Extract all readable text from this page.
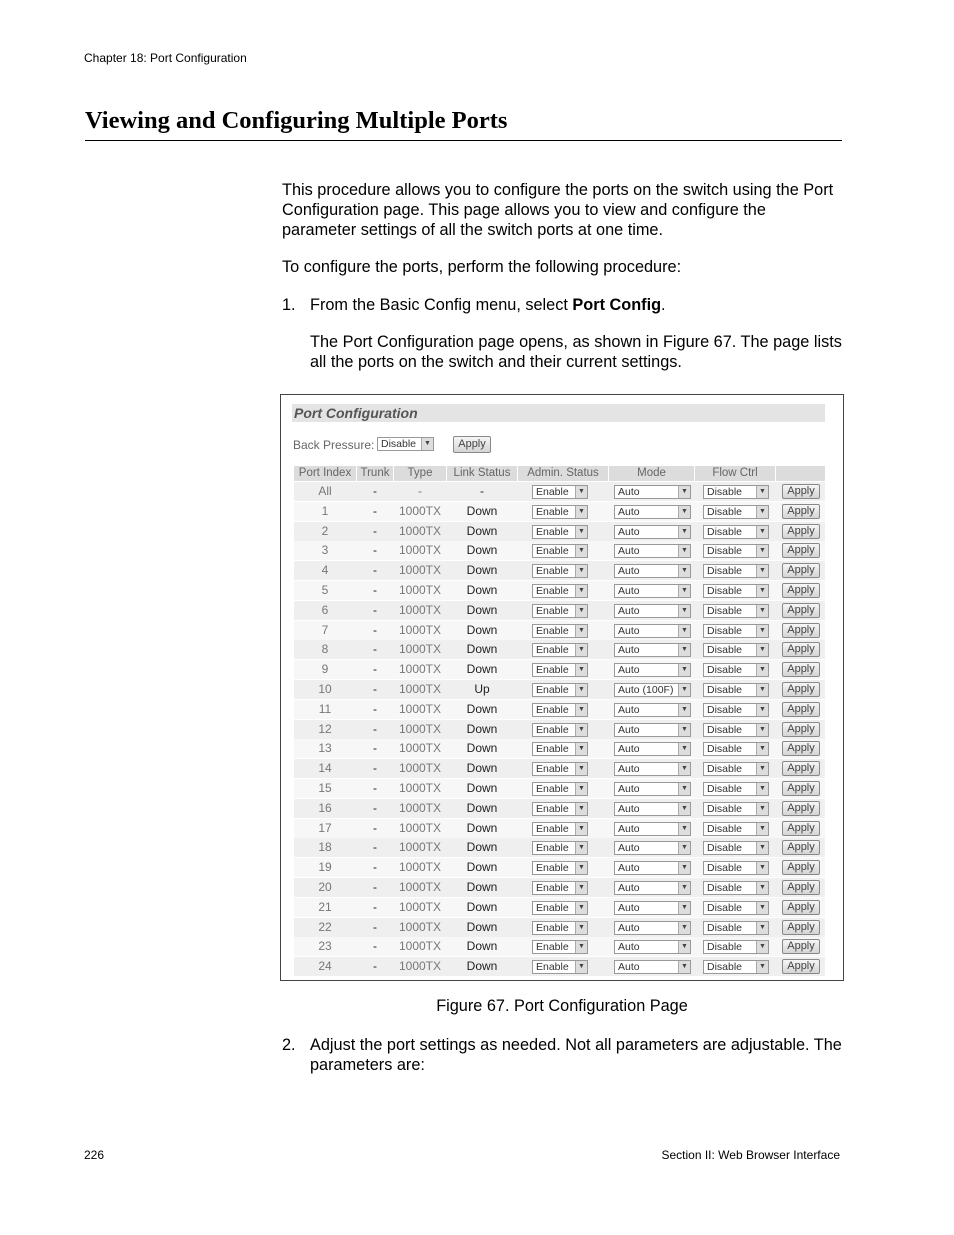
Chapter 18: Port Configuration
Viewing and Configuring Multiple Ports

This procedure allows you to configure the ports on the switch using the Port Configuration page. This page allows you to view and configure the parameter settings of all the switch ports at one time.

To configure the ports, perform the following procedure:

1. From the Basic Config menu, select Port Config.
The Port Configuration page opens, as shown in Figure 67. The page lists all the ports on the switch and their current settings.
Port Configuration
Back Pressure: Disable	▼	Apply
Port Index Trunk	Type	Link Status	Admin. Status	Mode	Flow Ctrl
All	-	-	-	Enable	▼	Auto	▼ Disable	▼	Apply
1	-	1000TX	Down	Enable	▼	Auto	▼ Disable	▼	Apply
2	-	1000TX	Down	Enable	▼	Auto	▼ Disable	▼	Apply
3	-	1000TX	Down	Enable	▼	Auto	▼ Disable	▼	Apply
4	-	1000TX	Down	Enable	▼	Auto	▼ Disable	▼	Apply
5	-	1000TX	Down	Enable	▼	Auto	▼ Disable	▼	Apply
6	-	1000TX	Down	Enable	▼	Auto	▼ Disable	▼	Apply
7	-	1000TX	Down	Enable	▼	Auto	▼ Disable	▼	Apply
8	-	1000TX	Down	Enable	▼	Auto	▼ Disable	▼	Apply
9	-	1000TX	Down	Enable	▼	Auto	▼ Disable	▼	Apply
10	-	1000TX	Up	Enable	▼	Auto (100F)	▼ Disable	▼	Apply
11	-	1000TX	Down	Enable	▼	Auto	▼ Disable	▼	Apply
12	-	1000TX	Down	Enable	▼	Auto	▼ Disable	▼	Apply
13	-	1000TX	Down	Enable	▼	Auto	▼ Disable	▼	Apply
14	-	1000TX	Down	Enable	▼	Auto	▼ Disable	▼	Apply
15	-	1000TX	Down	Enable	▼	Auto	▼ Disable	▼	Apply
16	-	1000TX	Down	Enable	▼	Auto	▼ Disable	▼	Apply
17	-	1000TX	Down	Enable	▼	Auto	▼ Disable	▼	Apply
18	-	1000TX	Down	Enable	▼	Auto	▼ Disable	▼	Apply
19	-	1000TX	Down	Enable	▼	Auto	▼ Disable	▼	Apply
20	-	1000TX	Down	Enable	▼	Auto	▼ Disable	▼	Apply
21	-	1000TX	Down	Enable	▼	Auto	▼ Disable	▼	Apply
22	-	1000TX	Down	Enable	▼	Auto	▼ Disable	▼	Apply
23	-	1000TX	Down	Enable	▼	Auto	▼ Disable	▼	Apply
24	-	1000TX	Down	Enable	▼	Auto	▼ Disable	▼	Apply
Figure 67. Port Configuration Page
2. Adjust the port settings as needed. Not all parameters are adjustable. The parameters are:
226	Section II: Web Browser Interface
